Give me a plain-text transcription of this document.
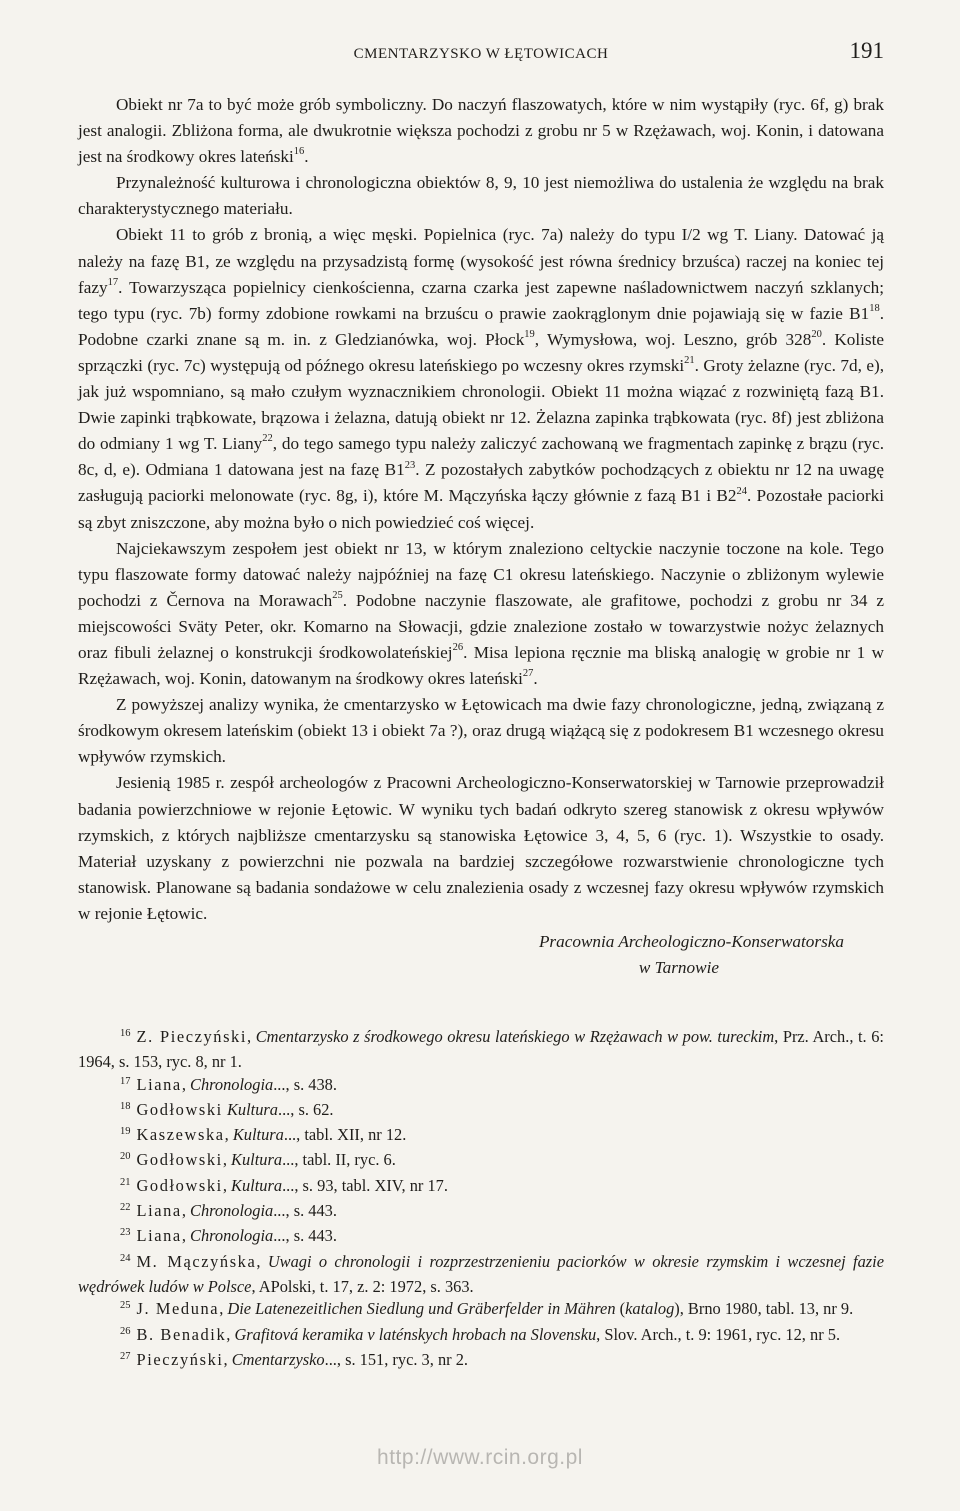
CMENTARZYSKO W ŁĘTOWICACH	191

Obiekt nr 7a to być może grób symboliczny. Do naczyń flaszowatych, które w nim wystąpiły (ryc. 6f, g) brak jest analogii. Zbliżona forma, ale dwukrotnie większa pochodzi z grobu nr 5 w Rzężawach, woj. Konin, i datowana jest na środkowy okres lateński$^{16}$.

Przynależność kulturowa i chronologiczna obiektów 8, 9, 10 jest niemożliwa do ustalenia że względu na brak charakterystycznego materiału.

Obiekt 11 to grób z bronią, a więc męski. Popielnica (ryc. 7a) należy do typu I/2 wg T. Liany. Datować ją należy na fazę B1, ze względu na przysadzistą formę (wysokość jest równa średnicy brzuśca) raczej na koniec tej fazy$^{17}$. Towarzysząca popielnicy cienkościenna, czarna czarka jest zapewne naśladownictwem naczyń szklanych; tego typu (ryc. 7b) formy zdobione rowkami na brzuścu o prawie zaokrąglonym dnie pojawiają się w fazie $B1^{18}$. Podobne czarki znane są m. in. z Gledzianówka, woj. Płock$^{19}$, Wymysłowa, woj. Leszno, grób $328^{20}$. Koliste sprzączki (ryc. 7c) występują od późnego okresu lateńskiego po wczesny okres rzymski$^{21}$. Groty żelazne (ryc. 7d, e), jak już wspomniano, są mało czułym wyznacznikiem chronologii. Obiekt 11 można wiązać z rozwiniętą fazą B1. Dwie zapinki trąbkowate, brązowa i żelazna, datują obiekt nr 12. Żelazna zapinka trąbkowata (ryc. 8f) jest zbliżona do odmiany 1 wg T. Liany$^{22}$, do tego samego typu należy zaliczyć zachowaną we fragmentach zapinkę z brązu (ryc. 8c, d, e). Odmiana 1 datowana jest na fazę $B1^{23}$. Z pozostałych zabytków pochodzących z obiektu nr 12 na uwagę zasługują paciorki melonowate (ryc. 8g, i), które M. Mączyńska łączy głównie z fazą B1 i $B2^{24}$. Pozostałe paciorki są zbyt zniszczone, aby można było o nich powiedzieć coś więcej.

Najciekawszym zespołem jest obiekt nr 13, w którym znaleziono celtyckie naczynie toczone na kole. Tego typu flaszowate formy datować należy najpóźniej na fazę C1 okresu lateńskiego. Naczynie o zbliżonym wylewie pochodzi z Černova na Morawach$^{25}$. Podobne naczynie flaszowate, ale grafitowe, pochodzi z grobu nr 34 z miejscowości Sväty Peter, okr. Komarno na Słowacji, gdzie znalezione zostało w towarzystwie nożyc żelaznych oraz fibuli żelaznej o konstrukcji środkowolateńskiej$^{26}$. Misa lepiona ręcznie ma bliską analogię w grobie nr 1 w Rzężawach, woj. Konin, datowanym na środkowy okres lateński$^{27}$.

Z powyższej analizy wynika, że cmentarzysko w Łętowicach ma dwie fazy chronologiczne, jedną, związaną z środkowym okresem lateńskim (obiekt 13 i obiekt 7a ?), oraz drugą wiążącą się z podokresem B1 wczesnego okresu wpływów rzymskich.

Jesienią 1985 r. zespół archeologów z Pracowni Archeologiczno-Konserwatorskiej w Tarnowie przeprowadził badania powierzchniowe w rejonie Łętowic. W wyniku tych badań odkryto szereg stanowisk z okresu wpływów rzymskich, z których najbliższe cmentarzysku są stanowiska Łętowice 3, 4, 5, 6 (ryc. 1). Wszystkie to osady. Materiał uzyskany z powierzchni nie pozwala na bardziej szczegółowe rozwarstwienie chronologiczne tych stanowisk. Planowane są badania sondażowe w celu znalezienia osady z wczesnej fazy okresu wpływów rzymskich w rejonie Łętowic.

Pracownia Archeologiczno-Konserwatorska
w Tarnowie

$^{16}$ Z. Pieczyński, Cmentarzysko z środkowego okresu lateńskiego w Rzężawach w pow. tureckim, Prz. Arch., t. 6: 1964, s. 153, ryc. 8, nr 1.

$^{17}$ Liana, Chronologia..., s. 438.

$^{18}$ Godłowski Kultura..., s. 62.

$^{19}$ Kaszewska, Kultura..., tabl. XII, nr 12.

$^{20}$ Godłowski, Kultura..., tabl. II, ryc. 6.

$^{21}$ Godłowski, Kultura..., s. 93, tabl. XIV, nr 17.

$^{22}$ Liana, Chronologia..., s. 443.

$^{23}$ Liana, Chronologia..., s. 443.

$^{24}$ M. Mączyńska, Uwagi o chronologii i rozprzestrzenieniu paciorków w okresie rzymskim i wczesnej fazie wędrówek ludów w Polsce, APolski, t. 17, z. 2: 1972, s. 363.

$^{25}$ J. Meduna, Die Latenezeitlichen Siedlung und Gräberfelder in Mähren (katalog), Brno 1980, tabl. 13, nr 9.

$^{26}$ B. Benadik, Grafitová keramika v laténskych hrobach na Slovensku, Slov. Arch., t. 9: 1961, ryc. 12, nr 5.

$^{27}$ Pieczyński, Cmentarzysko..., s. 151, ryc. 3, nr 2.

http://www.rcin.org.pl
